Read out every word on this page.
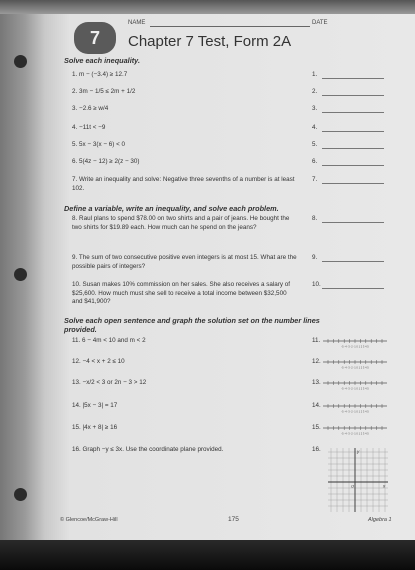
7
NAME	DATE
Chapter 7 Test, Form 2A
Solve each inequality.
Define a variable, write an inequality, and solve each problem.
Solve each open sentence and graph the solution set on the number lines provided.
1. m − (−3.4) ≥ 12.7
2. 3m − 1/5 ≤ 2m + 1/2
3. −2.6 ≥ w/4
4. −11t < −9
5. 5x − 3(x − 6) < 0
6. 5(4z − 12) ≥ 2(z − 30)
7. Write an inequality and solve: Negative three sevenths of a number is at least 102.
8. Raul plans to spend $78.00 on two shirts and a pair of jeans. He bought the two shirts for $19.89 each. How much can he spend on the jeans?
9. The sum of two consecutive positive even integers is at most 15. What are the possible pairs of integers?
10. Susan makes 10% commission on her sales. She also receives a salary of $25,600. How much must she sell to receive a total income between $32,500 and $41,900?
11. 6 − 4m < 10 and m < 2
12. −4 < x + 2 ≤ 10
13. −x/2 < 3 or 2n − 3 > 12
14. |5x − 3| = 17
15. |4x + 8| ≥ 16
16. Graph −y ≤ 3x. Use the coordinate plane provided.
1.
2.
3.
4.
5.
6.
7.
8.
9.
10.
11.
12.
13.
14.
15.
16.
-5 -4 -3 -2 -1 0 1 2 3 4 5
-5 -4 -3 -2 -1 0 1 2 3 4 5
-5 -4 -3 -2 -1 0 1 2 3 4 5
-5 -4 -3 -2 -1 0 1 2 3 4 5
-5 -4 -3 -2 -1 0 1 2 3 4 5
y
x
O
© Glencoe/McGraw-Hill	175	Algebra 1
